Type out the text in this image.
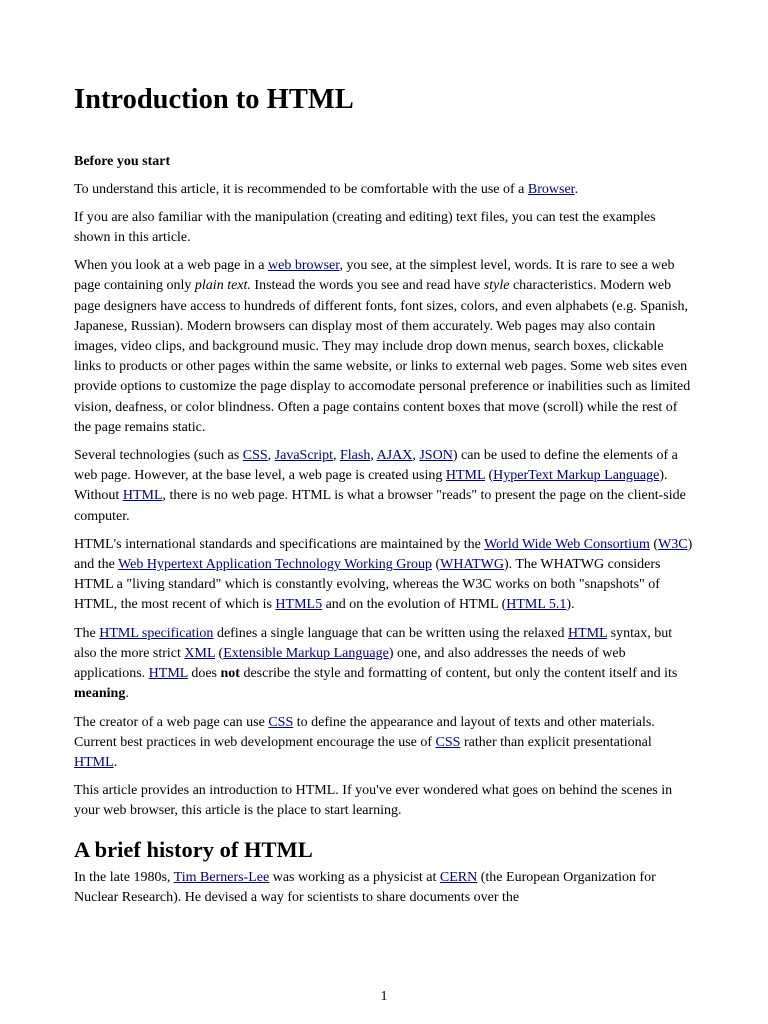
Introduction to HTML
Before you start

To understand this article, it is recommended to be comfortable with the use of a Browser.

If you are also familiar with the manipulation (creating and editing) text files, you can test the examples shown in this article.

When you look at a web page in a web browser, you see, at the simplest level, words. It is rare to see a web page containing only plain text. Instead the words you see and read have style characteristics. Modern web page designers have access to hundreds of different fonts, font sizes, colors, and even alphabets (e.g. Spanish, Japanese, Russian). Modern browsers can display most of them accurately. Web pages may also contain images, video clips, and background music. They may include drop down menus, search boxes, clickable links to products or other pages within the same website, or links to external web pages. Some web sites even provide options to customize the page display to accomodate personal preference or inabilities such as limited vision, deafness, or color blindness. Often a page contains content boxes that move (scroll) while the rest of the page remains static.

Several technologies (such as CSS, JavaScript, Flash, AJAX, JSON) can be used to define the elements of a web page. However, at the base level, a web page is created using HTML (HyperText Markup Language). Without HTML, there is no web page. HTML is what a browser "reads" to present the page on the client-side computer.

HTML's international standards and specifications are maintained by the World Wide Web Consortium (W3C) and the Web Hypertext Application Technology Working Group (WHATWG). The WHATWG considers HTML a "living standard" which is constantly evolving, whereas the W3C works on both "snapshots" of HTML, the most recent of which is HTML5 and on the evolution of HTML (HTML 5.1).

The HTML specification defines a single language that can be written using the relaxed HTML syntax, but also the more strict XML (Extensible Markup Language) one, and also addresses the needs of web applications. HTML does not describe the style and formatting of content, but only the content itself and its meaning.

The creator of a web page can use CSS to define the appearance and layout of texts and other materials. Current best practices in web development encourage the use of CSS rather than explicit presentational HTML.

This article provides an introduction to HTML. If you've ever wondered what goes on behind the scenes in your web browser, this article is the place to start learning.

A brief history of HTML

In the late 1980s, Tim Berners-Lee was working as a physicist at CERN (the European Organization for Nuclear Research). He devised a way for scientists to share documents over the

1
